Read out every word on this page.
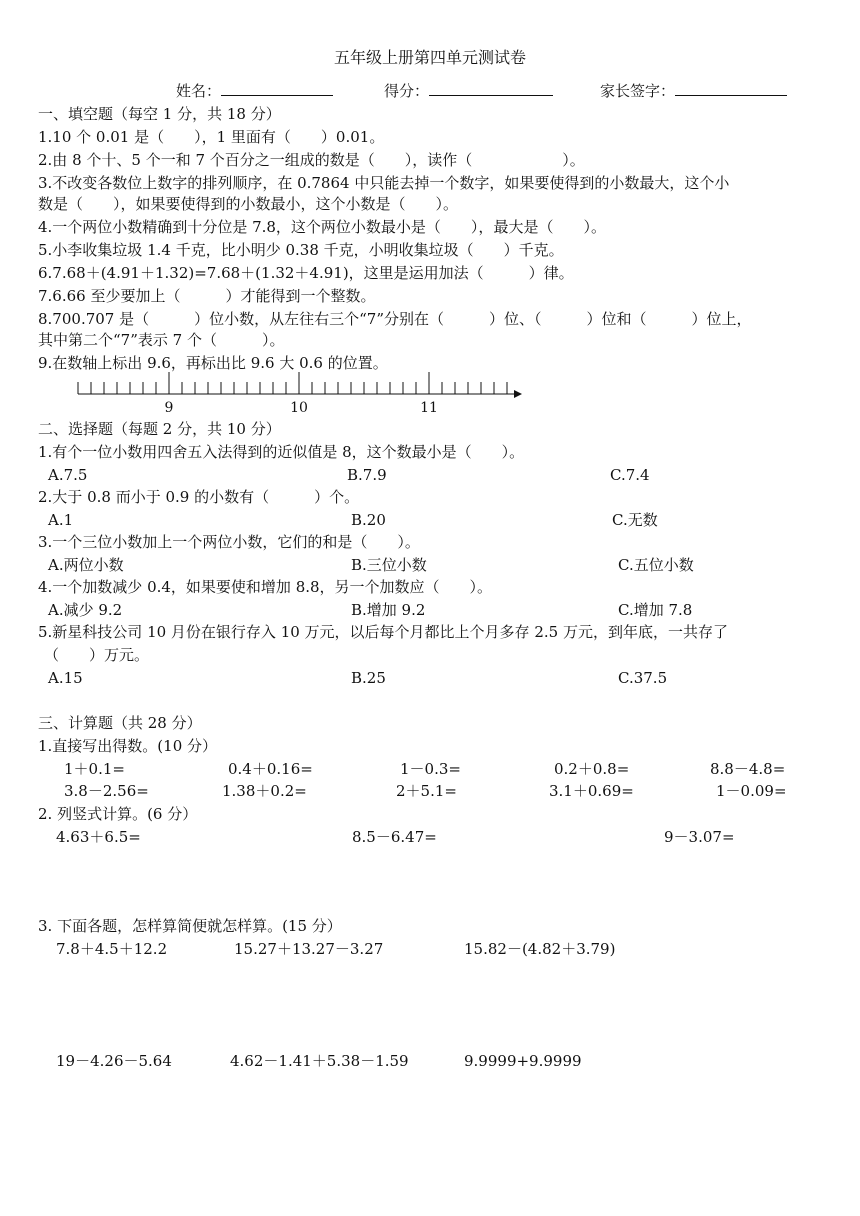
五年级上册第四单元测试卷
姓名：	得分：	家长签字：
一、填空题（每空 1 分，共 18 分）
1.10 个 0.01 是（　　），1 里面有（　　）0.01。
2.由 8 个十、5 个一和 7 个百分之一组成的数是（　　），读作（　　　　　　）。
3.不改变各数位上数字的排列顺序，在 0.7864 中只能去掉一个数字，如果要使得到的小数最大，这个小
数是（　　），如果要使得到的小数最小，这个小数是（　　）。
4.一个两位小数精确到十分位是 7.8，这个两位小数最小是（　　），最大是（　　）。
5.小李收集垃圾 1.4 千克，比小明少 0.38 千克，小明收集垃圾（　　）千克。
6.7.68＋(4.91＋1.32)=7.68＋(1.32＋4.91)，这里是运用加法（　　　）律。
7.6.66 至少要加上（　　　）才能得到一个整数。
8.700.707 是（　　　）位小数，从左往右三个“7”分别在（　　　）位、（　　　）位和（　　　）位上，
其中第二个“7”表示 7 个（　　　）。
9.在数轴上标出 9.6，再标出比 9.6 大 0.6 的位置。
9	10	11
二、选择题（每题 2 分，共 10 分）
1.有个一位小数用四舍五入法得到的近似值是 8，这个数最小是（　　）。
A.7.5	B.7.9	C.7.4
2.大于 0.8 而小于 0.9 的小数有（　　　）个。
A.1	B.20	C.无数
3.一个三位小数加上一个两位小数，它们的和是（　　）。
A.两位小数	B.三位小数	C.五位小数
4.一个加数减少 0.4，如果要使和增加 8.8，另一个加数应（　　）。
A.减少 9.2	B.增加 9.2	C.增加 7.8
5.新星科技公司 10 月份在银行存入 10 万元，以后每个月都比上个月多存 2.5 万元，到年底，一共存了
（　　）万元。
A.15	B.25	C.37.5
三、计算题（共 28 分）
1.直接写出得数。(10 分）
1＋0.1=	0.4＋0.16=	1－0.3=	0.2＋0.8=	8.8－4.8=
3.8－2.56=	1.38＋0.2=	2＋5.1=	3.1＋0.69=	1－0.09=
2. 列竖式计算。(6 分）
4.63＋6.5=	8.5－6.47=	9－3.07=
3. 下面各题，怎样算简便就怎样算。(15 分）
7.8＋4.5＋12.2	15.27＋13.27－3.27	15.82－(4.82＋3.79)
19－4.26－5.64	4.62－1.41＋5.38－1.59	9.9999+9.9999
